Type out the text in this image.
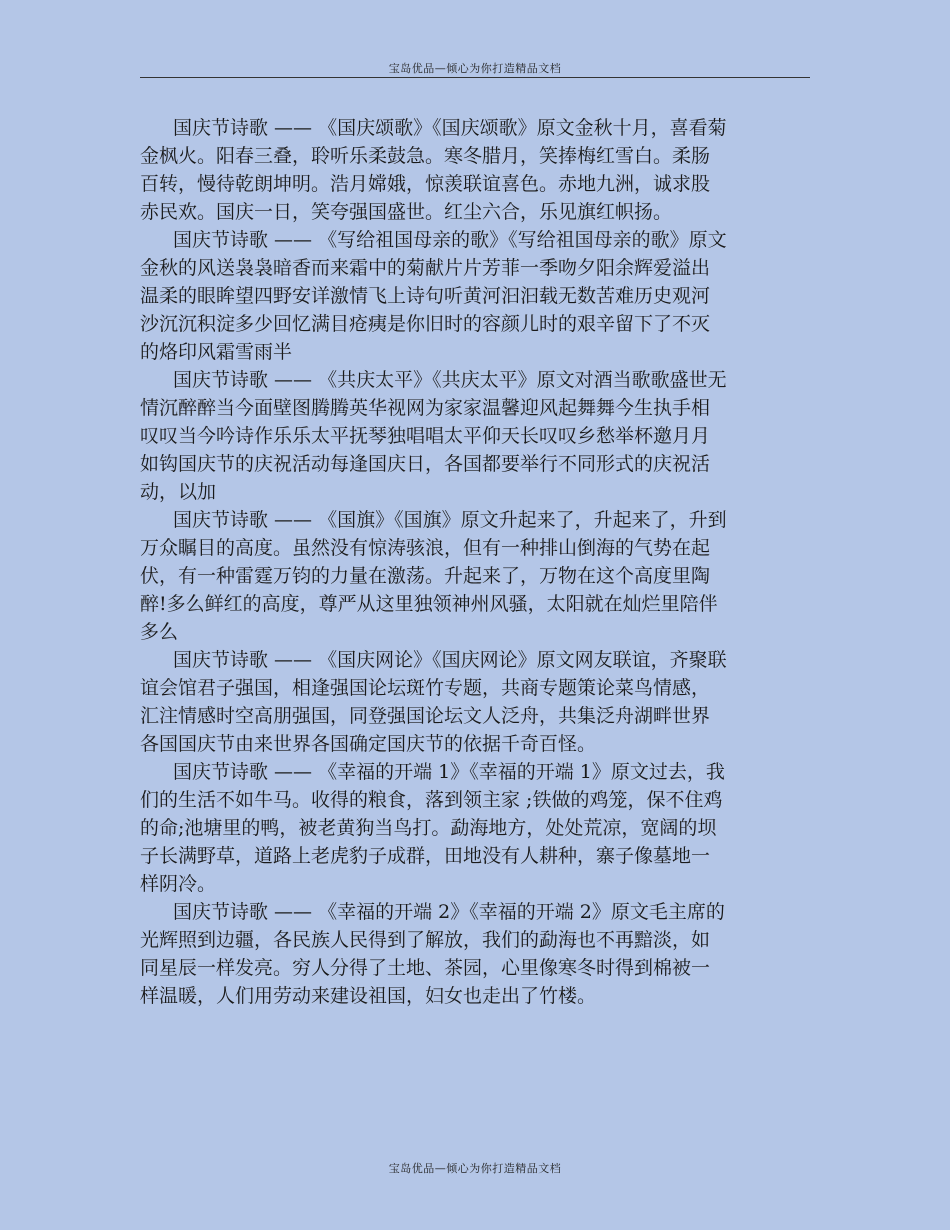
宝岛优品—倾心为你打造精品文档
国庆节诗歌 —— 《国庆颂歌》《国庆颂歌》原文金秋十月，喜看菊
金枫火。阳春三叠，聆听乐柔鼓急。寒冬腊月，笑捧梅红雪白。柔肠
百转，慢待乾朗坤明。浩月嫦娥，惊羡联谊喜色。赤地九洲，诚求股
赤民欢。国庆一日，笑夸强国盛世。红尘六合，乐见旗红帜扬。
国庆节诗歌 —— 《写给祖国母亲的歌》《写给祖国母亲的歌》原文
金秋的风送袅袅暗香而来霜中的菊献片片芳菲一季吻夕阳余辉爱溢出
温柔的眼眸望四野安详激情飞上诗句听黄河汩汩载无数苦难历史观河
沙沉沉积淀多少回忆满目疮痍是你旧时的容颜儿时的艰辛留下了不灭
的烙印风霜雪雨半
国庆节诗歌 —— 《共庆太平》《共庆太平》原文对酒当歌歌盛世无
情沉醉醉当今面壁图腾腾英华视网为家家温馨迎风起舞舞今生执手相
叹叹当今吟诗作乐乐太平抚琴独唱唱太平仰天长叹叹乡愁举杯邀月月
如钩国庆节的庆祝活动每逢国庆日，各国都要举行不同形式的庆祝活
动，以加
国庆节诗歌 —— 《国旗》《国旗》原文升起来了，升起来了，升到
万众瞩目的高度。虽然没有惊涛骇浪，但有一种排山倒海的气势在起
伏，有一种雷霆万钧的力量在激荡。升起来了，万物在这个高度里陶
醉!多么鲜红的高度，尊严从这里独领神州风骚，太阳就在灿烂里陪伴
多么
国庆节诗歌 —— 《国庆网论》《国庆网论》原文网友联谊，齐聚联
谊会馆君子强国，相逢强国论坛斑竹专题，共商专题策论菜鸟情感，
汇注情感时空高朋强国，同登强国论坛文人泛舟，共集泛舟湖畔世界
各国国庆节由来世界各国确定国庆节的依据千奇百怪。
国庆节诗歌 —— 《幸福的开端 1》《幸福的开端 1》原文过去，我
们的生活不如牛马。收得的粮食，落到领主家 ;铁做的鸡笼，保不住鸡
的命;池塘里的鸭，被老黄狗当鸟打。勐海地方，处处荒凉，宽阔的坝
子长满野草，道路上老虎豹子成群，田地没有人耕种，寨子像墓地一
样阴冷。
国庆节诗歌 —— 《幸福的开端 2》《幸福的开端 2》原文毛主席的
光辉照到边疆，各民族人民得到了解放，我们的勐海也不再黯淡，如
同星辰一样发亮。穷人分得了土地、茶园，心里像寒冬时得到棉被一
样温暖，人们用劳动来建设祖国，妇女也走出了竹楼。
宝岛优品—倾心为你打造精品文档
